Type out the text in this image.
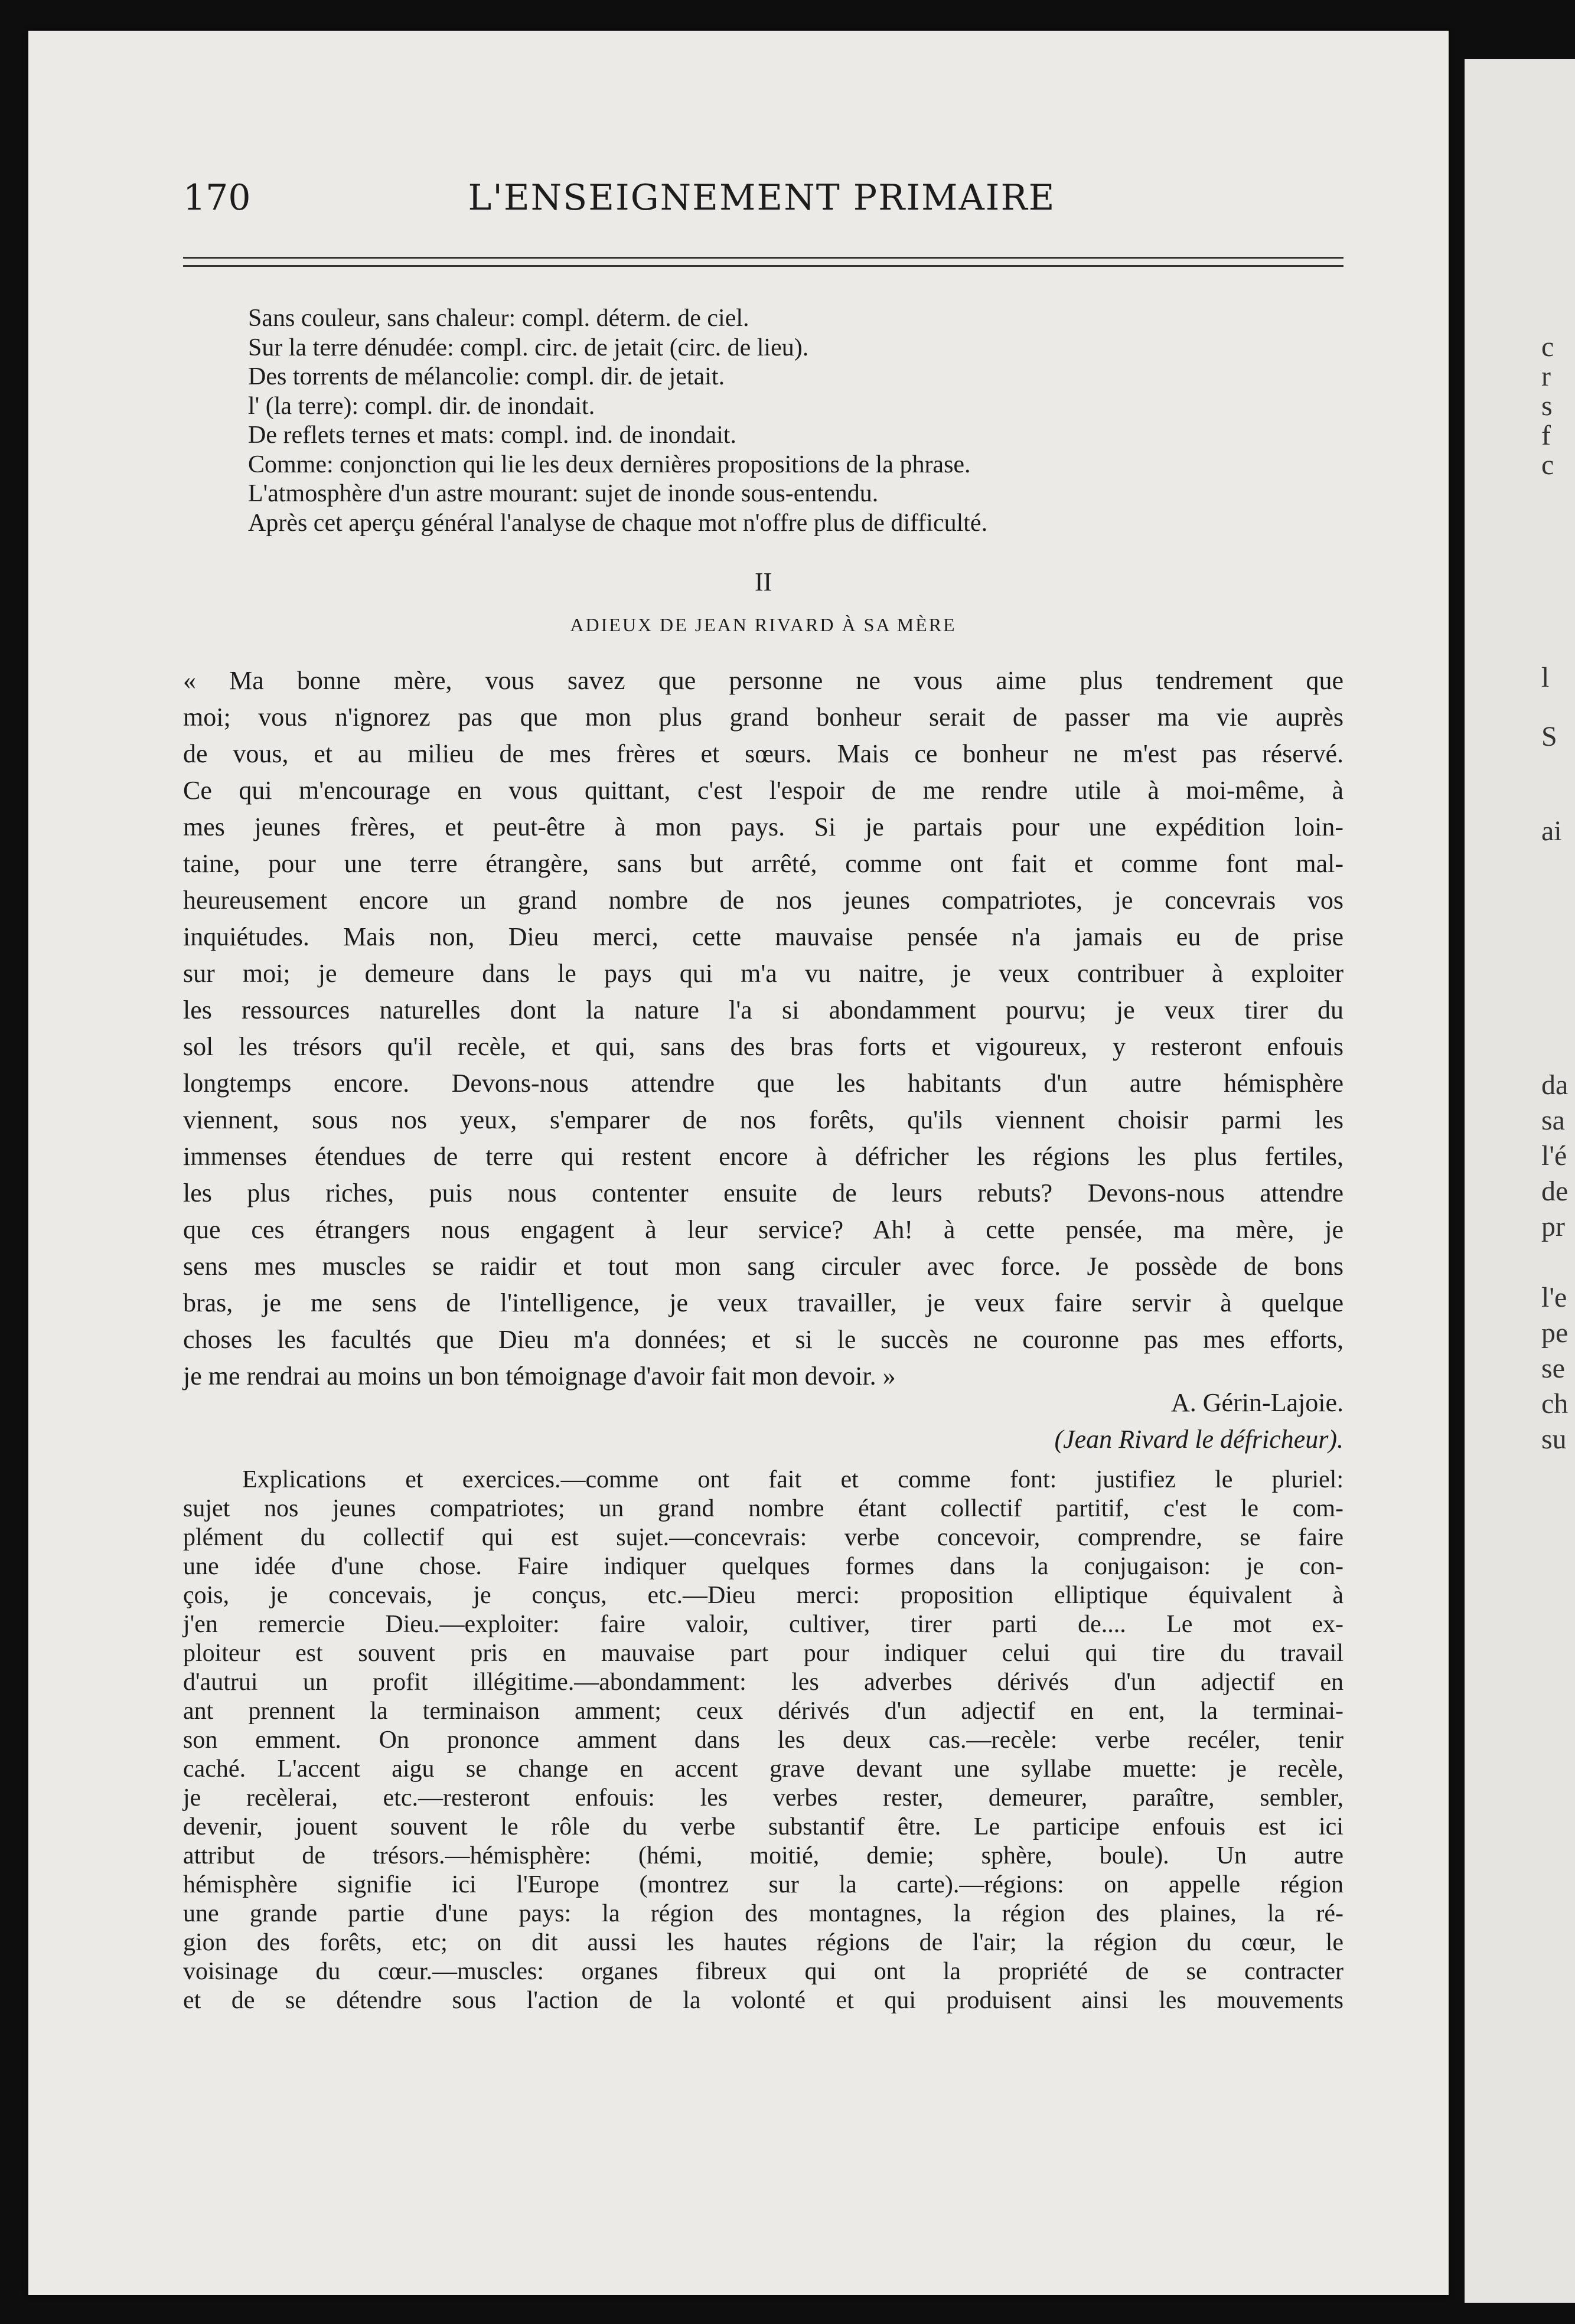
c
r
s
f
c
l
S
ai
da
sa
l'é
de
pr
l'e
pe
se
ch
su
L'ENSEIGNEMENT PRIMAIRE
170
Sans couleur, sans chaleur: compl. déterm. de ciel.
Sur la terre dénudée: compl. circ. de jetait (circ. de lieu).
Des torrents de mélancolie: compl. dir. de jetait.
l' (la terre): compl. dir. de inondait.
De reflets ternes et mats: compl. ind. de inondait.
Comme: conjonction qui lie les deux dernières propositions de la phrase.
L'atmosphère d'un astre mourant: sujet de inonde sous-entendu.
Après cet aperçu général l'analyse de chaque mot n'offre plus de difficulté.
II
ADIEUX DE JEAN RIVARD À SA MÈRE
« Ma bonne mère, vous savez que personne ne vous aime plus tendrement que
moi; vous n'ignorez pas que mon plus grand bonheur serait de passer ma vie auprès
de vous, et au milieu de mes frères et sœurs. Mais ce bonheur ne m'est pas réservé.
Ce qui m'encourage en vous quittant, c'est l'espoir de me rendre utile à moi-même, à
mes jeunes frères, et peut-être à mon pays. Si je partais pour une expédition loin-
taine, pour une terre étrangère, sans but arrêté, comme ont fait et comme font mal-
heureusement encore un grand nombre de nos jeunes compatriotes, je concevrais vos
inquiétudes. Mais non, Dieu merci, cette mauvaise pensée n'a jamais eu de prise
sur moi; je demeure dans le pays qui m'a vu naitre, je veux contribuer à exploiter
les ressources naturelles dont la nature l'a si abondamment pourvu; je veux tirer du
sol les trésors qu'il recèle, et qui, sans des bras forts et vigoureux, y resteront enfouis
longtemps encore. Devons-nous attendre que les habitants d'un autre hémisphère
viennent, sous nos yeux, s'emparer de nos forêts, qu'ils viennent choisir parmi les
immenses étendues de terre qui restent encore à défricher les régions les plus fertiles,
les plus riches, puis nous contenter ensuite de leurs rebuts? Devons-nous attendre
que ces étrangers nous engagent à leur service? Ah! à cette pensée, ma mère, je
sens mes muscles se raidir et tout mon sang circuler avec force. Je possède de bons
bras, je me sens de l'intelligence, je veux travailler, je veux faire servir à quelque
choses les facultés que Dieu m'a données; et si le succès ne couronne pas mes efforts,
je me rendrai au moins un bon témoignage d'avoir fait mon devoir. »
A. Gérin-Lajoie.
(Jean Rivard le défricheur).
Explications et exercices.—comme ont fait et comme font: justifiez le pluriel:
sujet nos jeunes compatriotes; un grand nombre étant collectif partitif, c'est le com-
plément du collectif qui est sujet.—concevrais: verbe concevoir, comprendre, se faire
une idée d'une chose. Faire indiquer quelques formes dans la conjugaison: je con-
çois, je concevais, je conçus, etc.—Dieu merci: proposition elliptique équivalent à
j'en remercie Dieu.—exploiter: faire valoir, cultiver, tirer parti de.... Le mot ex-
ploiteur est souvent pris en mauvaise part pour indiquer celui qui tire du travail
d'autrui un profit illégitime.—abondamment: les adverbes dérivés d'un adjectif en
ant prennent la terminaison amment; ceux dérivés d'un adjectif en ent, la terminai-
son emment. On prononce amment dans les deux cas.—recèle: verbe recéler, tenir
caché. L'accent aigu se change en accent grave devant une syllabe muette: je recèle,
je recèlerai, etc.—resteront enfouis: les verbes rester, demeurer, paraître, sembler,
devenir, jouent souvent le rôle du verbe substantif être. Le participe enfouis est ici
attribut de trésors.—hémisphère: (hémi, moitié, demie; sphère, boule). Un autre
hémisphère signifie ici l'Europe (montrez sur la carte).—régions: on appelle région
une grande partie d'une pays: la région des montagnes, la région des plaines, la ré-
gion des forêts, etc; on dit aussi les hautes régions de l'air; la région du cœur, le
voisinage du cœur.—muscles: organes fibreux qui ont la propriété de se contracter
et de se détendre sous l'action de la volonté et qui produisent ainsi les mouvements
